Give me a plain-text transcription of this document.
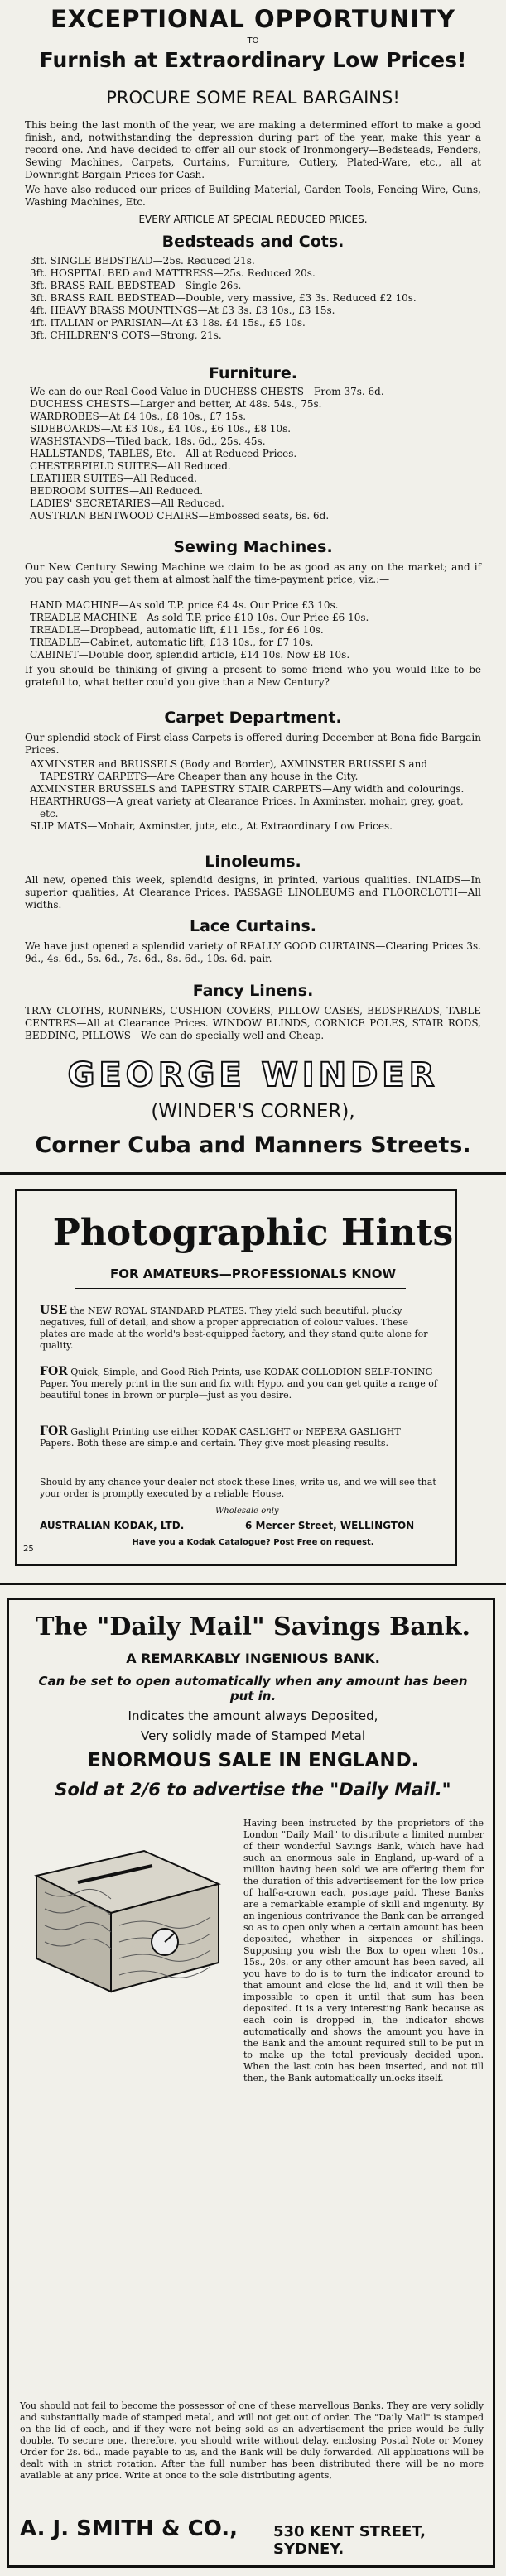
EXCEPTIONAL OPPORTUNITY
TO
Furnish at Extraordinary Low Prices!
PROCURE SOME REAL BARGAINS!
This being the last month of the year, we are making a determined effort to make a good finish, and, notwithstanding the depression during part of the year, make this year a record one. And have decided to offer all our stock of Ironmongery—Bedsteads, Fenders, Sewing Machines, Carpets, Curtains, Furniture, Cutlery, Plated-Ware, etc., all at Downright Bargain Prices for Cash.
We have also reduced our prices of Building Material, Garden Tools, Fencing Wire, Guns, Washing Machines, Etc.
EVERY ARTICLE AT SPECIAL REDUCED PRICES.
Bedsteads and Cots.
3ft. SINGLE BEDSTEAD—25s. Reduced 21s.
3ft. HOSPITAL BED and MATTRESS—25s. Reduced 20s.
3ft. BRASS RAIL BEDSTEAD—Single 26s.
3ft. BRASS RAIL BEDSTEAD—Double, very massive, £3 3s. Reduced £2 10s.
4ft. HEAVY BRASS MOUNTINGS—At £3 3s. £3 10s., £3 15s.
4ft. ITALIAN or PARISIAN—At £3 18s. £4 15s., £5 10s.
3ft. CHILDREN'S COTS—Strong, 21s.
Furniture.
We can do our Real Good Value in DUCHESS CHESTS—From 37s. 6d.
DUCHESS CHESTS—Larger and better, At 48s. 54s., 75s.
WARDROBES—At £4 10s., £8 10s., £7 15s.
SIDEBOARDS—At £3 10s., £4 10s., £6 10s., £8 10s.
WASHSTANDS—Tiled back, 18s. 6d., 25s. 45s.
HALLSTANDS, TABLES, Etc.—All at Reduced Prices.
CHESTERFIELD SUITES—All Reduced.
LEATHER SUITES—All Reduced.
BEDROOM SUITES—All Reduced.
LADIES' SECRETARIES—All Reduced.
AUSTRIAN BENTWOOD CHAIRS—Embossed seats, 6s. 6d.
Sewing Machines.
Our New Century Sewing Machine we claim to be as good as any on the market; and if you pay cash you get them at almost half the time-payment price, viz.:—
HAND MACHINE—As sold T.P. price £4 4s. Our Price £3 10s.
TREADLE MACHINE—As sold T.P. price £10 10s. Our Price £6 10s.
TREADLE—Dropbead, automatic lift, £11 15s., for £6 10s.
TREADLE—Cabinet, automatic lift, £13 10s., for £7 10s.
CABINET—Double door, splendid article, £14 10s. Now £8 10s.
If you should be thinking of giving a present to some friend who you would like to be grateful to, what better could you give than a New Century?
Carpet Department.
Our splendid stock of First-class Carpets is offered during December at Bona fide Bargain Prices.
AXMINSTER and BRUSSELS (Body and Border), AXMINSTER BRUSSELS and TAPESTRY CARPETS—Are Cheaper than any house in the City.
AXMINSTER BRUSSELS and TAPESTRY STAIR CARPETS—Any width and colourings.
HEARTHRUGS—A great variety at Clearance Prices. In Axminster, mohair, grey, goat, etc.
SLIP MATS—Mohair, Axminster, jute, etc., At Extraordinary Low Prices.
Linoleums.
All new, opened this week, splendid designs, in printed, various qualities. INLAIDS—In superior qualities, At Clearance Prices. PASSAGE LINOLEUMS and FLOORCLOTH—All widths.
Lace Curtains.
We have just opened a splendid variety of REALLY GOOD CURTAINS—Clearing Prices 3s. 9d., 4s. 6d., 5s. 6d., 7s. 6d., 8s. 6d., 10s. 6d. pair.
Fancy Linens.
TRAY CLOTHS, RUNNERS, CUSHION COVERS, PILLOW CASES, BEDSPREADS, TABLE CENTRES—All at Clearance Prices. WINDOW BLINDS, CORNICE POLES, STAIR RODS, BEDDING, PILLOWS—We can do specially well and Cheap.
GEORGE WINDER
(WINDER'S CORNER),
Corner Cuba and Manners Streets.
Photographic Hints
FOR AMATEURS—PROFESSIONALS KNOW
USE the NEW ROYAL STANDARD PLATES. They yield such beautiful, plucky negatives, full of detail, and show a proper appreciation of colour values. These plates are made at the world's best-equipped factory, and they stand quite alone for quality.
FOR Quick, Simple, and Good Rich Prints, use KODAK COLLODION SELF-TONING Paper. You merely print in the sun and fix with Hypo, and you can get quite a range of beautiful tones in brown or purple—just as you desire.
FOR Gaslight Printing use either KODAK CASLIGHT or NEPERA GASLIGHT Papers. Both these are simple and certain. They give most pleasing results.
Should by any chance your dealer not stock these lines, write us, and we will see that your order is promptly executed by a reliable House.
Wholesale only—
AUSTRALIAN KODAK, LTD.	6 Mercer Street, WELLINGTON
Have you a Kodak Catalogue? Post Free on request.
25
The "Daily Mail" Savings Bank.
A REMARKABLY INGENIOUS BANK.
Can be set to open automatically when any amount has been put in.
Indicates the amount always Deposited,
Very solidly made of Stamped Metal
ENORMOUS SALE IN ENGLAND.
Sold at 2/6 to advertise the "Daily Mail."
Having been instructed by the proprietors of the London "Daily Mail" to distribute a limited number of their wonderful Savings Bank, which have had such an enormous sale in England, up-ward of a million having been sold we are offering them for the duration of this advertisement for the low price of half-a-crown each, postage paid. These Banks are a remarkable example of skill and ingenuity. By an ingenious contrivance the Bank can be arranged so as to open only when a certain amount has been deposited, whether in sixpences or shillings. Supposing you wish the Box to open when 10s., 15s., 20s. or any other amount has been saved, all you have to do is to turn the indicator around to that amount and close the lid, and it will then be impossible to open it until that sum has been deposited. It is a very interesting Bank because as each coin is dropped in, the indicator shows automatically and shows the amount you have in the Bank and the amount required still to be put in to make up the total previously decided upon. When the last coin has been inserted, and not till then, the Bank automatically unlocks itself.
You should not fail to become the possessor of one of these marvellous Banks. They are very solidly and substantially made of stamped metal, and will not get out of order. The "Daily Mail" is stamped on the lid of each, and if they were not being sold as an advertisement the price would be fully double. To secure one, therefore, you should write without delay, enclosing Postal Note or Money Order for 2s. 6d., made payable to us, and the Bank will be duly forwarded. All applications will be dealt with in strict rotation. After the full number has been distributed there will be no more available at any price. Write at once to the sole distributing agents,
A. J. SMITH & CO.,	530 KENT STREET, SYDNEY.
